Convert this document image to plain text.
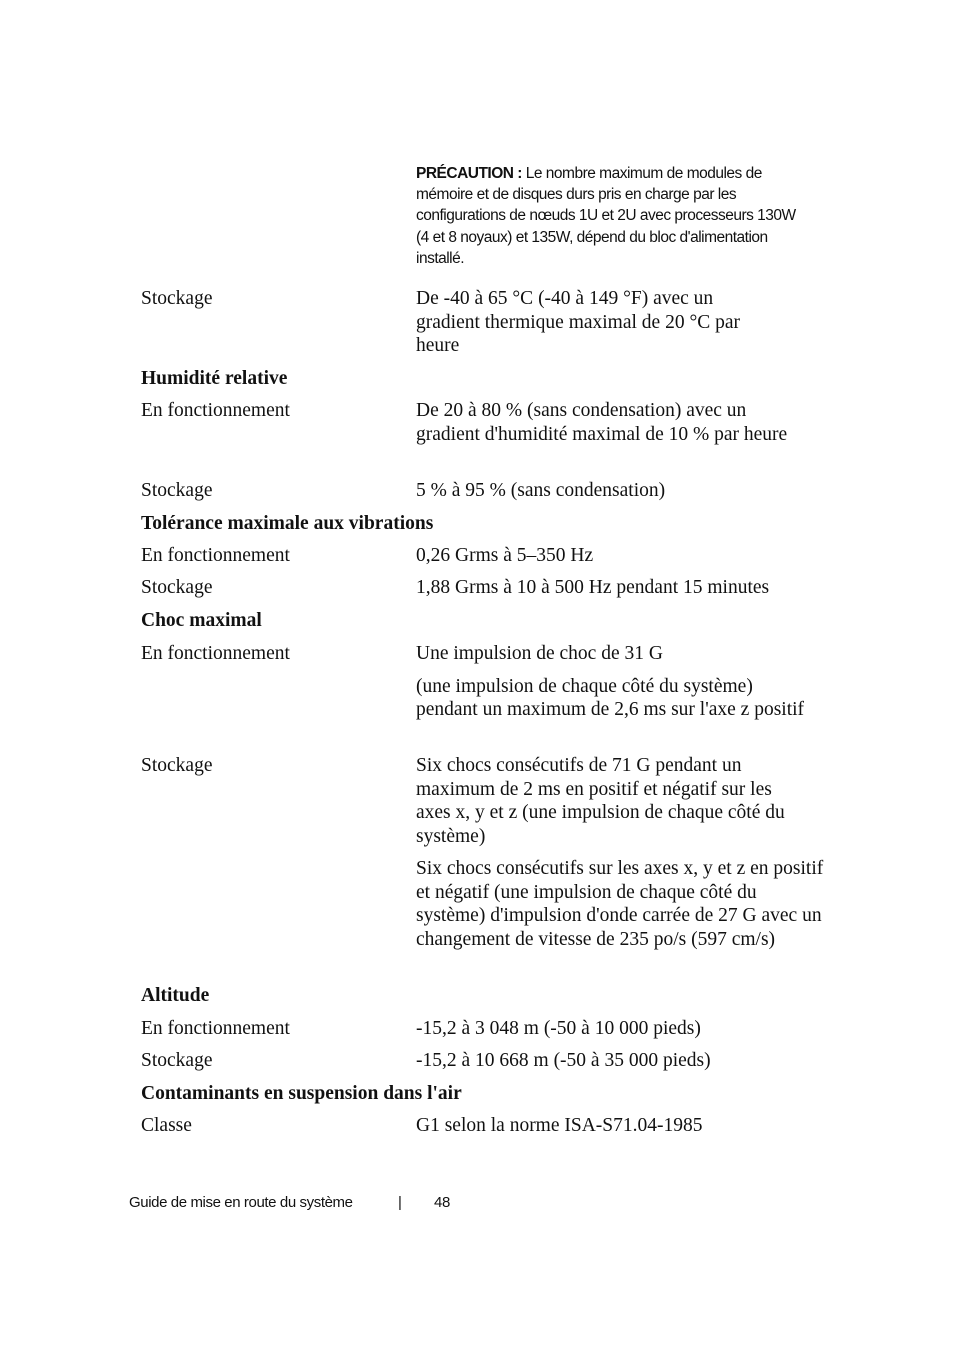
PRÉCAUTION : Le nombre maximum de modules de mémoire et de disques durs pris en charge par les configurations de nœuds 1U et 2U avec processeurs 130W (4 et 8 noyaux) et 135W, dépend du bloc d'alimentation installé.
Stockage	De -40 à 65 °C (-40 à 149 °F) avec un gradient thermique maximal de 20 °C par heure

Humidité relative
En fonctionnement	De 20 à 80 % (sans condensation) avec un gradient d'humidité maximal de 10 % par heure

Stockage	5 % à 95 % (sans condensation)

Tolérance maximale aux vibrations
En fonctionnement	0,26 Grms à 5–350 Hz

Stockage	1,88 Grms à 10 à 500 Hz pendant 15 minutes

Choc maximal
En fonctionnement	Une impulsion de choc de 31 G

(une impulsion de chaque côté du système) pendant un maximum de 2,6 ms sur l'axe z positif

Stockage	Six chocs consécutifs de 71 G pendant un maximum de 2 ms en positif et négatif sur les axes x, y et z (une impulsion de chaque côté du système)

Six chocs consécutifs sur les axes x, y et z en positif et négatif (une impulsion de chaque côté du système) d'impulsion d'onde carrée de 27 G avec un changement de vitesse de 235 po/s (597 cm/s)

Altitude
En fonctionnement	-15,2 à 3 048 m (-50 à 10 000 pieds)

Stockage	-15,2 à 10 668 m (-50 à 35 000 pieds)

Contaminants en suspension dans l'air
Classe	G1 selon la norme ISA-S71.04-1985

Guide de mise en route du système	| 48
